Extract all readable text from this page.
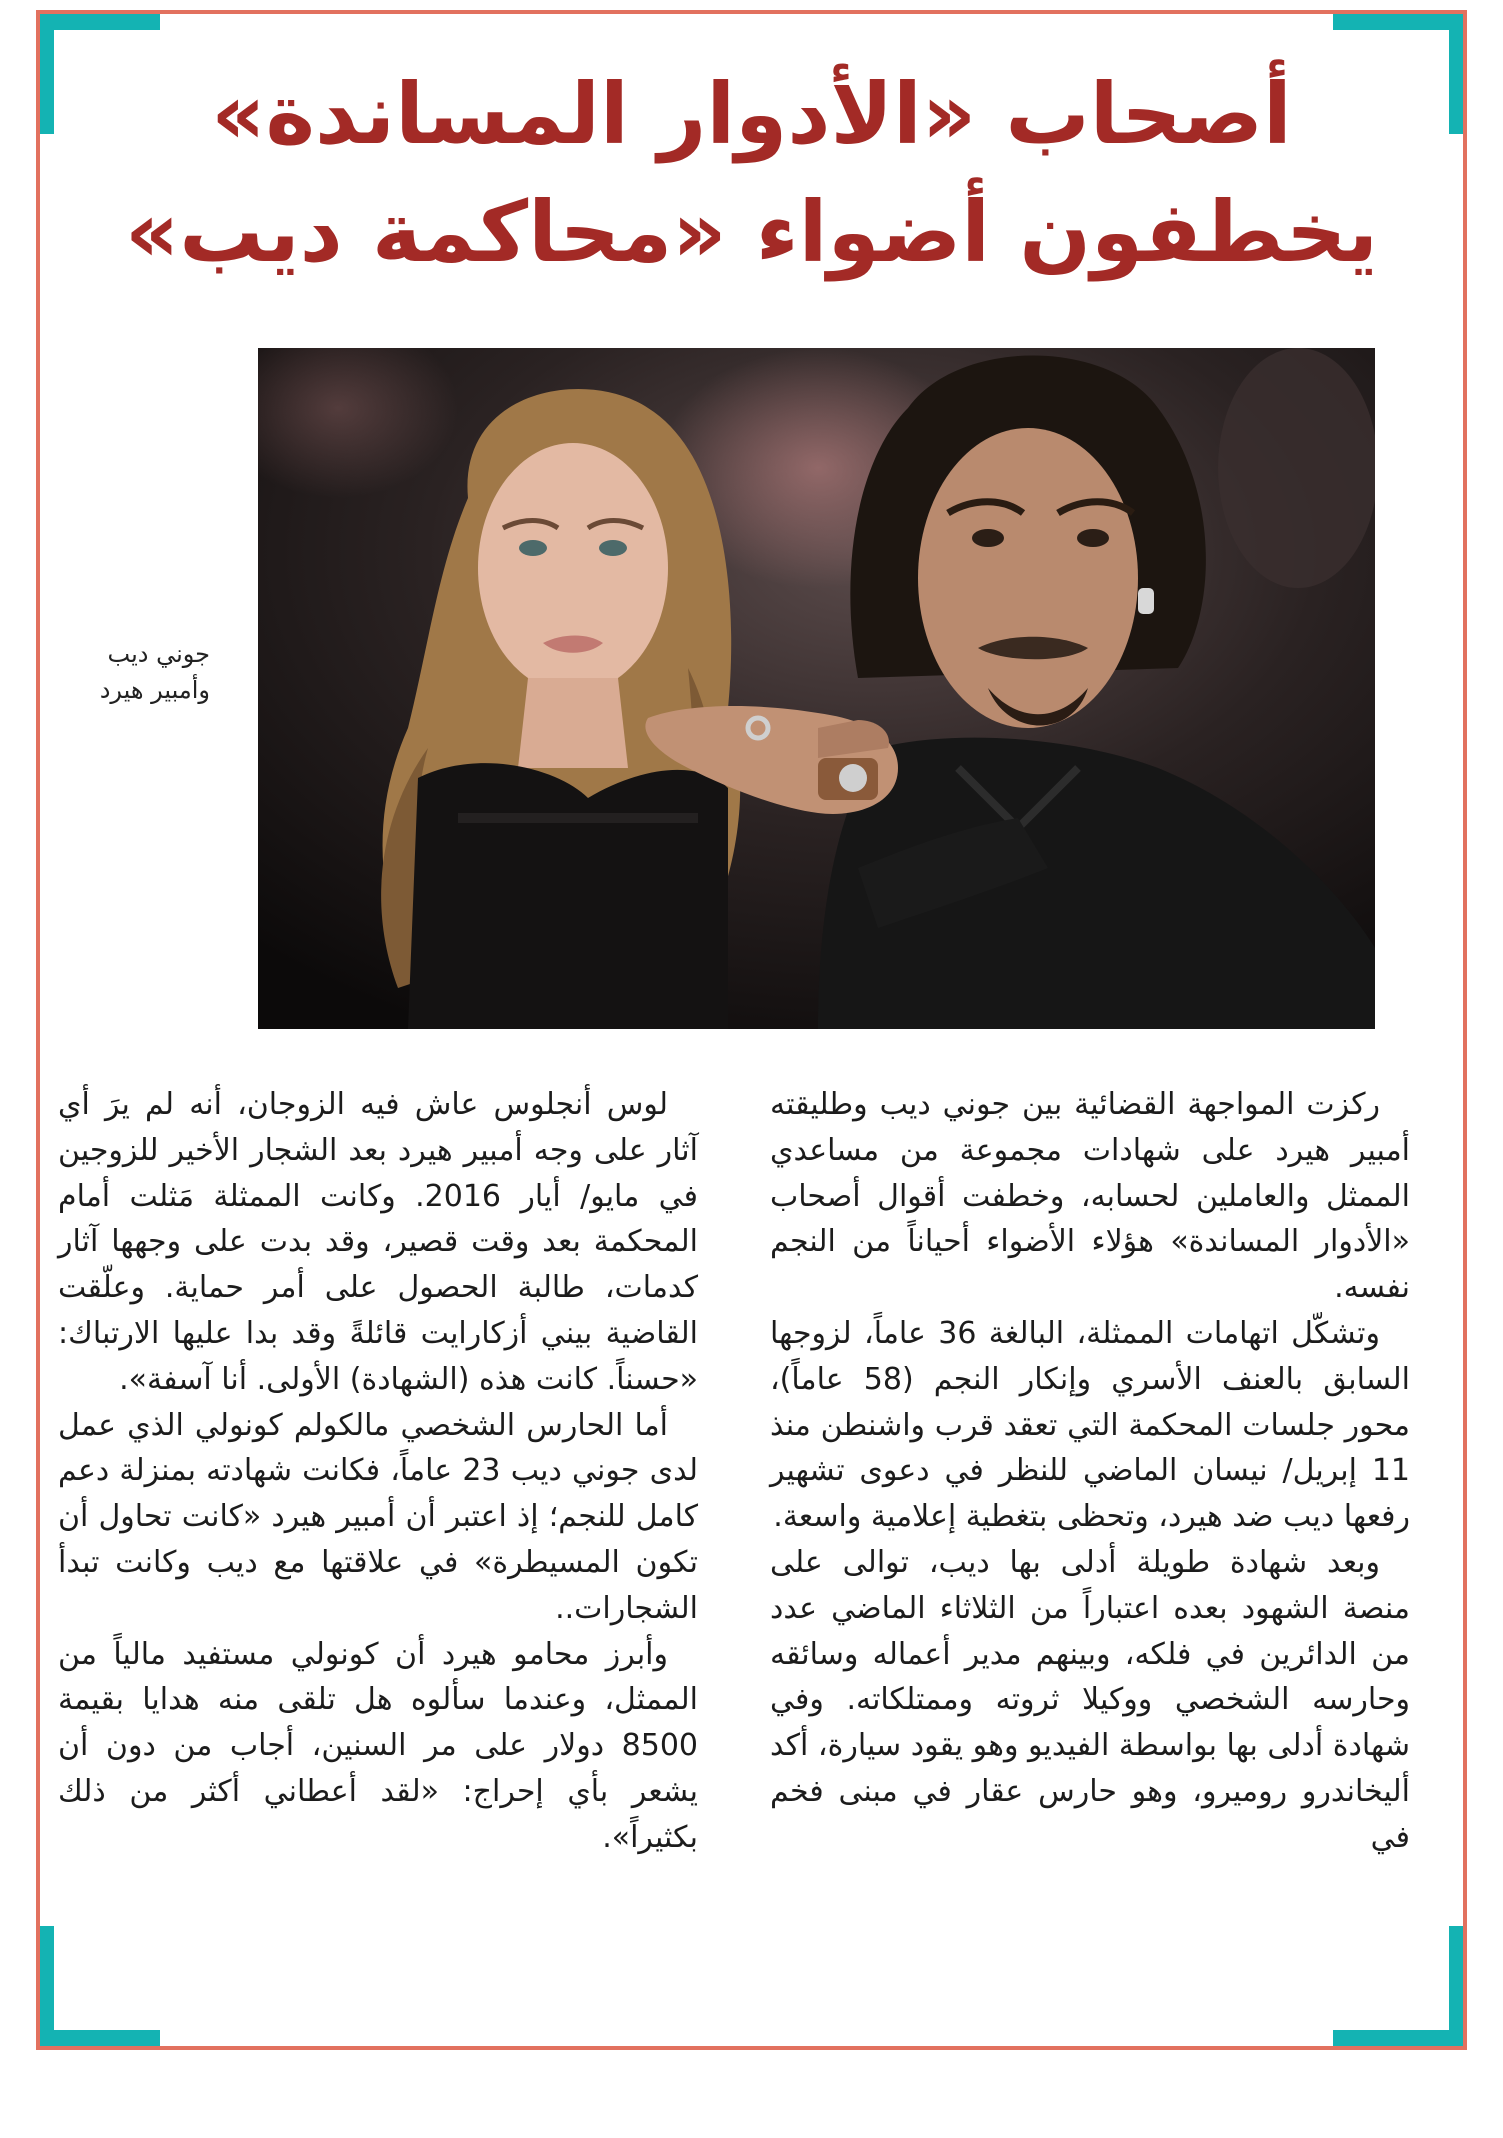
أصحاب «الأدوار المساندة»
يخطفون أضواء «محاكمة ديب»
جوني ديب
وأمبير هيرد

ركزت المواجهة القضائية بين جوني ديب وطليقته أمبير هيرد على شهادات مجموعة من مساعدي الممثل والعاملين لحسابه، وخطفت أقوال أصحاب «الأدوار المساندة» هؤلاء الأضواء أحياناً من النجم نفسه.

وتشكّل اتهامات الممثلة، البالغة 36 عاماً، لزوجها السابق بالعنف الأسري وإنكار النجم (58 عاماً)، محور جلسات المحكمة التي تعقد قرب واشنطن منذ 11 إبريل/ نيسان الماضي للنظر في دعوى تشهير رفعها ديب ضد هيرد، وتحظى بتغطية إعلامية واسعة.

وبعد شهادة طويلة أدلى بها ديب، توالى على منصة الشهود بعده اعتباراً من الثلاثاء الماضي عدد من الدائرين في فلكه، وبينهم مدير أعماله وسائقه وحارسه الشخصي ووكيلا ثروته وممتلكاته. وفي شهادة أدلى بها بواسطة الفيديو وهو يقود سيارة، أكد أليخاندرو روميرو، وهو حارس عقار في مبنى فخم في

لوس أنجلوس عاش فيه الزوجان، أنه لم يرَ أي آثار على وجه أمبير هيرد بعد الشجار الأخير للزوجين في مايو/ أيار 2016. وكانت الممثلة مَثلت أمام المحكمة بعد وقت قصير، وقد بدت على وجهها آثار كدمات، طالبة الحصول على أمر حماية. وعلّقت القاضية بيني أزكارايت قائلةً وقد بدا عليها الارتباك: «حسناً. كانت هذه (الشهادة) الأولى. أنا آسفة».

أما الحارس الشخصي مالكولم كونولي الذي عمل لدى جوني ديب 23 عاماً، فكانت شهادته بمنزلة دعم كامل للنجم؛ إذ اعتبر أن أمبير هيرد «كانت تحاول أن تكون المسيطرة» في علاقتها مع ديب وكانت تبدأ الشجارات..

وأبرز محامو هيرد أن كونولي مستفيد مالياً من الممثل، وعندما سألوه هل تلقى منه هدايا بقيمة 8500 دولار على مر السنين، أجاب من دون أن يشعر بأي إحراج: «لقد أعطاني أكثر من ذلك بكثيراً».
